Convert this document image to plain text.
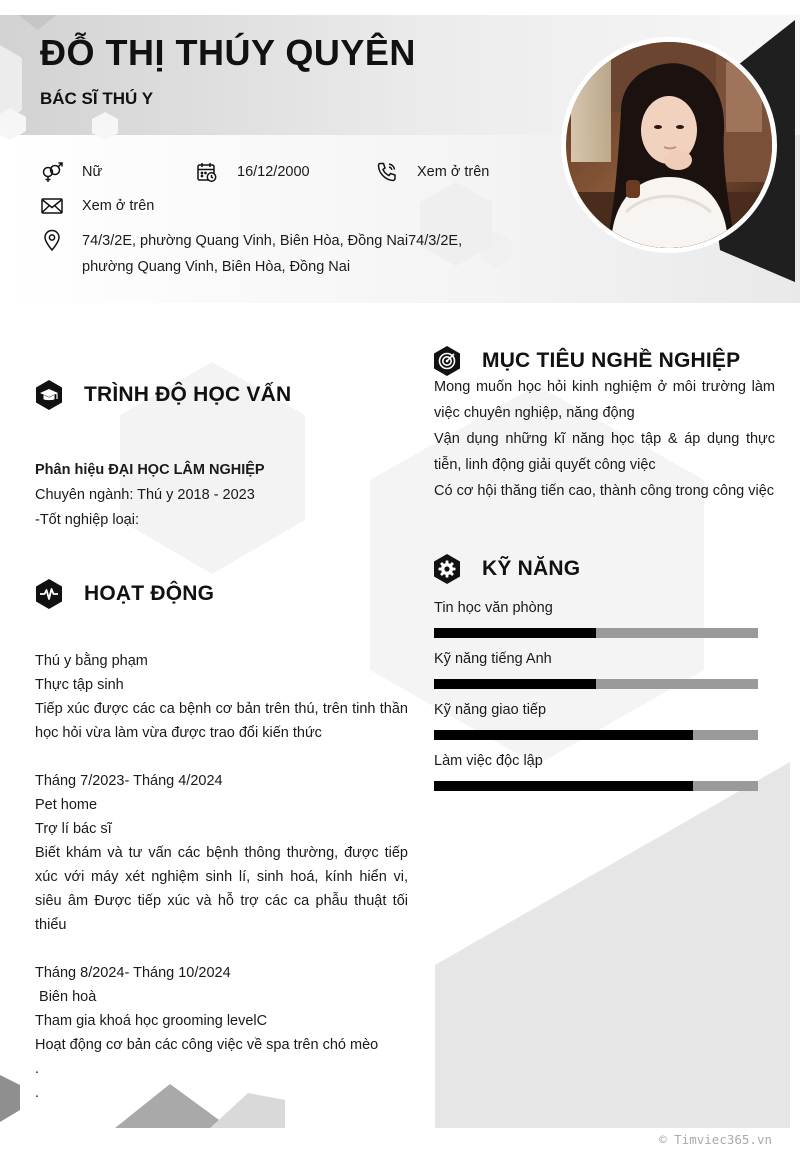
ĐỖ THỊ THÚY QUYÊN
BÁC SĨ THÚ Y
Nữ	16/12/2000	Xem ở trên
Xem ở trên
74/3/2E, phường Quang Vinh, Biên Hòa, Đồng Nai74/3/2E, phường Quang Vinh, Biên Hòa, Đồng Nai
TRÌNH ĐỘ HỌC VẤN
Phân hiệu ĐẠI HỌC LÂM NGHIỆP
Chuyên ngành: Thú y 2018 - 2023
-Tốt nghiệp loại:
HOẠT ĐỘNG
Thú y bằng phạm
Thực tập sinh
Tiếp xúc được các ca bệnh cơ bản trên thú, trên tinh thần học hỏi vừa làm vừa được trao đổi kiến thức
Tháng 7/2023- Tháng 4/2024
Pet home
Trợ lí bác sĩ
Biết khám và tư vấn các bệnh thông thường, được tiếp xúc với máy xét nghiệm sinh lí, sinh hoá, kính hiển vi, siêu âm Được tiếp xúc và hỗ trợ các ca phẫu thuật tối thiểu
Tháng 8/2024- Tháng 10/2024
Biên hoà
Tham gia khoá học grooming levelC
Hoạt động cơ bản các công việc về spa trên chó mèo
.
.
MỤC TIÊU NGHỀ NGHIỆP
Mong muốn học hỏi kinh nghiệm ở môi trường làm việc chuyên nghiệp, năng động
Vận dụng những kĩ năng học tập & áp dụng thực tiễn, linh động giải quyết công việc
Có cơ hội thăng tiến cao, thành công trong công việc
KỸ NĂNG
Tin học văn phòng
Kỹ năng tiếng Anh
Kỹ năng giao tiếp
Làm việc độc lập
© Timviec365.vn
